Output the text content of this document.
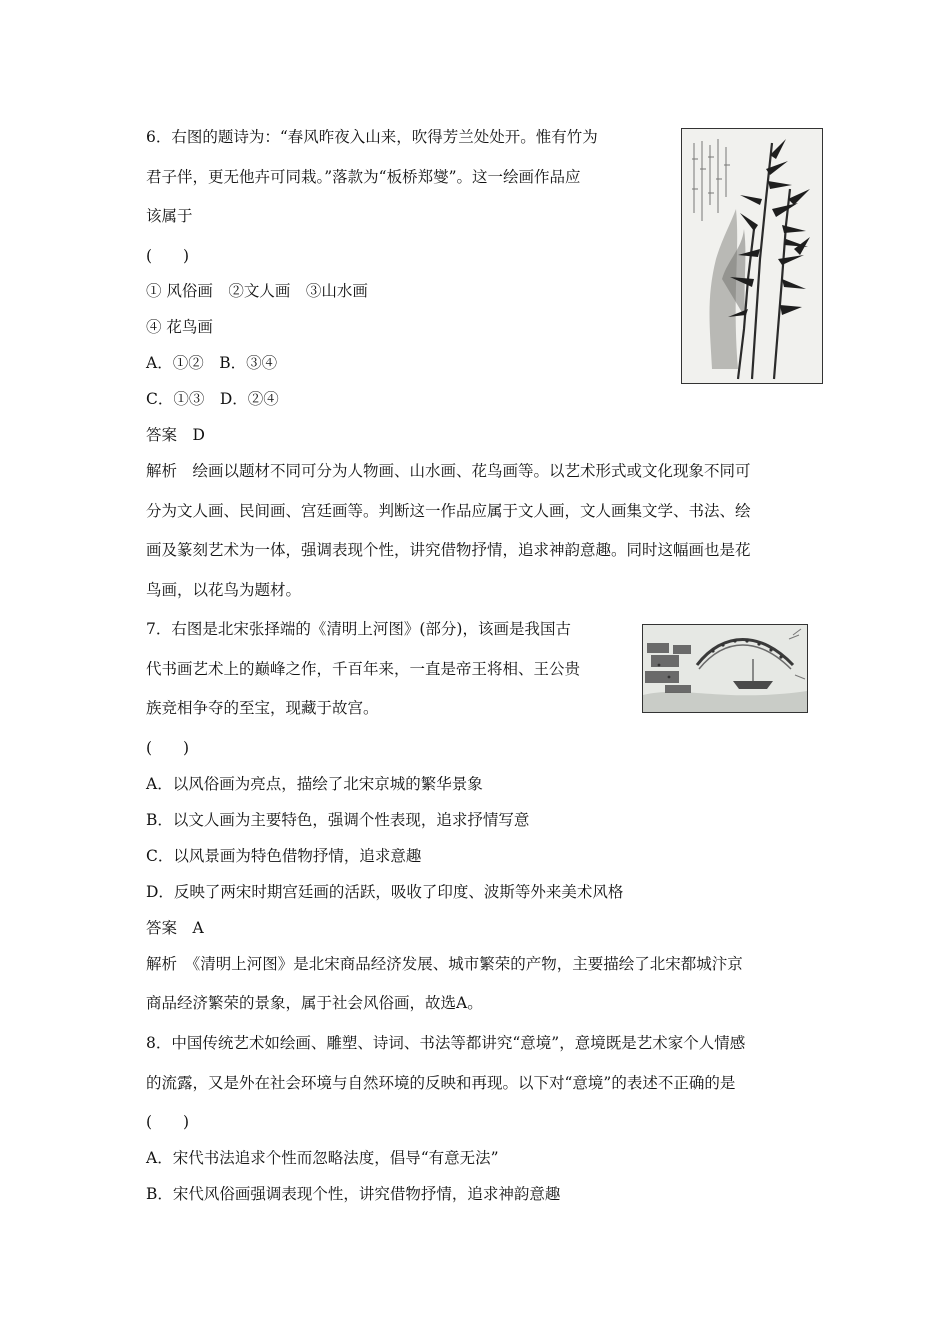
6．右图的题诗为：“春风昨夜入山来，吹得芳兰处处开。惟有竹为

君子伴，更无他卉可同栽。”落款为“板桥郑燮”。这一绘画作品应

该属于

(　　)

① 风俗画　②文人画　③山水画

④ 花鸟画

A．①②　B．③④

C．①③　D．②④

答案　D

解析　绘画以题材不同可分为人物画、山水画、花鸟画等。以艺术形式或文化现象不同可

分为文人画、民间画、宫廷画等。判断这一作品应属于文人画，文人画集文学、书法、绘

画及篆刻艺术为一体，强调表现个性，讲究借物抒情，追求神韵意趣。同时这幅画也是花

鸟画，以花鸟为题材。

7．右图是北宋张择端的《清明上河图》(部分)，该画是我国古

代书画艺术上的巅峰之作，千百年来，一直是帝王将相、王公贵

族竞相争夺的至宝，现藏于故宫。

(　　)

A．以风俗画为亮点，描绘了北宋京城的繁华景象

B．以文人画为主要特色，强调个性表现，追求抒情写意

C．以风景画为特色借物抒情，追求意趣

D．反映了两宋时期宫廷画的活跃，吸收了印度、波斯等外来美术风格

答案　A

解析　《清明上河图》是北宋商品经济发展、城市繁荣的产物，主要描绘了北宋都城汴京

商品经济繁荣的景象，属于社会风俗画，故选A。

8．中国传统艺术如绘画、雕塑、诗词、书法等都讲究“意境”，意境既是艺术家个人情感

的流露，又是外在社会环境与自然环境的反映和再现。以下对“意境”的表述不正确的是

(　　)

A．宋代书法追求个性而忽略法度，倡导“有意无法”

B．宋代风俗画强调表现个性，讲究借物抒情，追求神韵意趣
